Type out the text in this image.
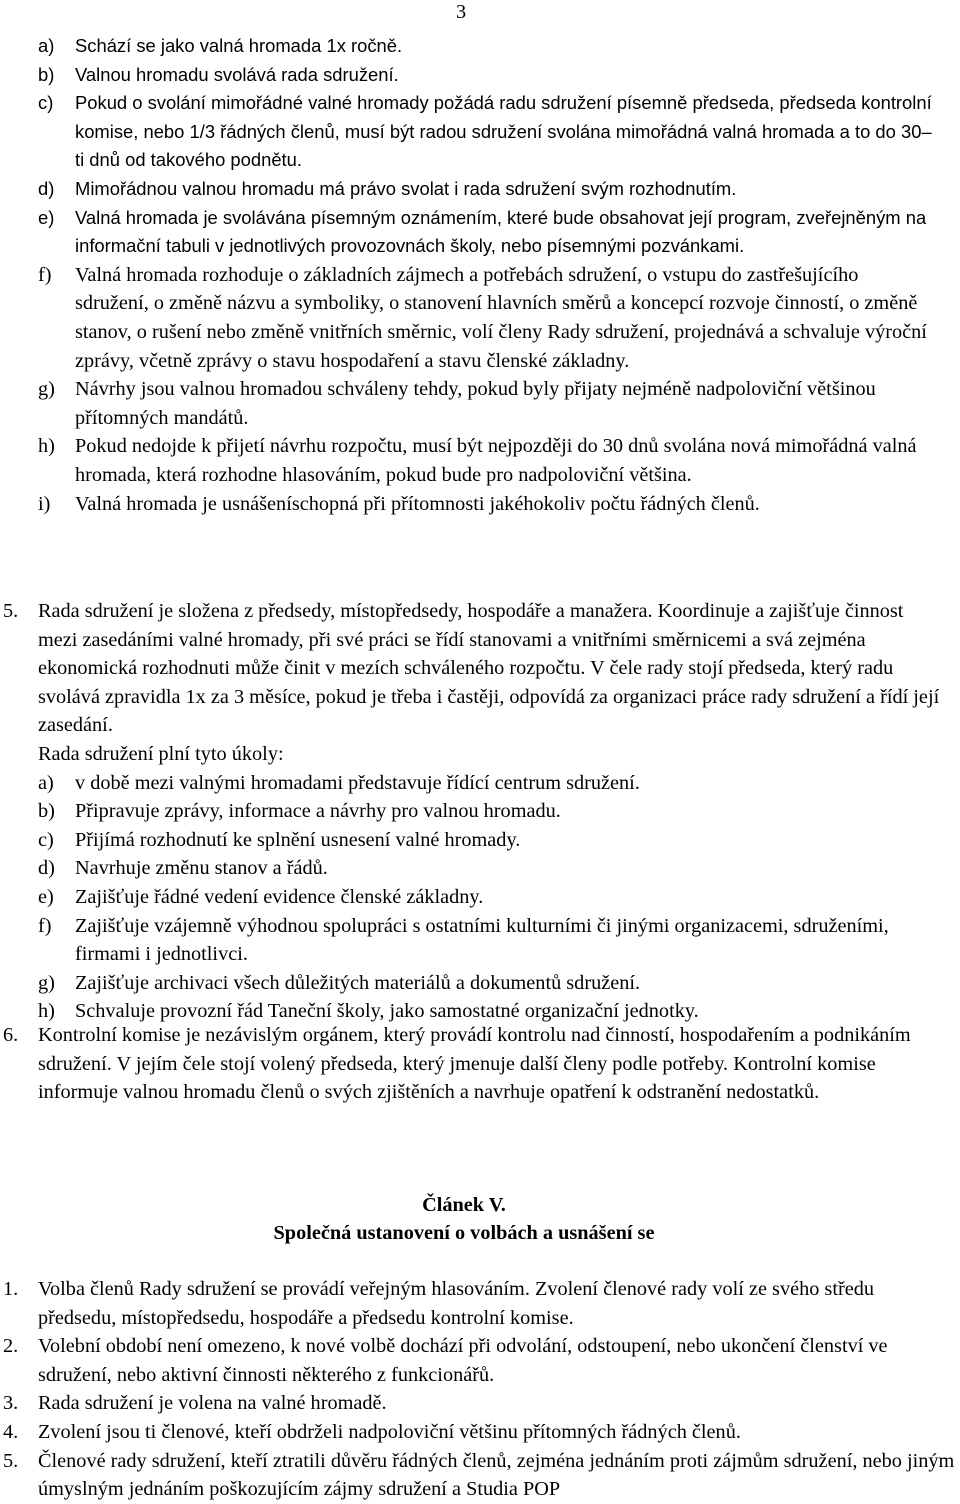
3
a)	Schází se jako valná hromada 1x ročně.
b)	Valnou hromadu svolává rada sdružení.
c)	Pokud o svolání mimořádné valné hromady požádá radu sdružení písemně předseda, předseda kontrolní komise, nebo 1/3 řádných členů, musí být radou sdružení svolána mimořádná valná hromada a to do 30–ti dnů od takového podnětu.
d)	Mimořádnou valnou hromadu má právo svolat i rada sdružení svým rozhodnutím.
e)	Valná hromada je svolávána písemným oznámením, které bude obsahovat její program, zveřejněným na informační tabuli v jednotlivých provozovnách školy, nebo písemnými pozvánkami.
f)	Valná hromada rozhoduje o základních zájmech a potřebách sdružení, o vstupu do zastřešujícího sdružení, o změně názvu a symboliky, o stanovení hlavních směrů a koncepcí rozvoje činností, o změně stanov, o rušení nebo změně vnitřních směrnic, volí členy Rady sdružení, projednává a schvaluje výroční zprávy, včetně zprávy o stavu hospodaření a stavu členské základny.
g) Návrhy jsou valnou hromadou schváleny tehdy, pokud byly přijaty nejméně nadpoloviční většinou přítomných mandátů.
h) Pokud nedojde k přijetí návrhu rozpočtu, musí být nejpozději do 30 dnů svolána nová mimořádná valná hromada, která rozhodne hlasováním, pokud bude pro nadpoloviční většina.
i)	Valná hromada je usnášeníschopná při přítomnosti jakéhokoliv počtu řádných členů.
5. Rada sdružení je složena z předsedy, místopředsedy, hospodáře a manažera. Koordinuje a zajišťuje činnost mezi zasedáními valné hromady, při své práci se řídí stanovami a vnitřními směrnicemi a svá zejména ekonomická rozhodnuti může činit v mezích schváleného rozpočtu. V čele rady stojí předseda, který radu svolává zpravidla 1x za 3 měsíce, pokud je třeba i častěji, odpovídá za organizaci práce rady sdružení a řídí její zasedání.
Rada sdružení plní tyto úkoly:
a)	v době mezi valnými hromadami představuje řídící centrum sdružení.
b) Připravuje zprávy, informace a návrhy pro valnou hromadu.
c)	Přijímá rozhodnutí ke splnění usnesení valné hromady.
d) Navrhuje změnu stanov a řádů.
e)	Zajišťuje řádné vedení evidence členské základny.
f)	Zajišťuje vzájemně výhodnou spolupráci s ostatními kulturními či jinými organizacemi, sdruženími, firmami i jednotlivci.
g) Zajišťuje archivaci všech důležitých materiálů a dokumentů sdružení.
h) Schvaluje provozní řád Taneční školy, jako samostatné organizační jednotky.
6. Kontrolní komise je nezávislým orgánem, který provádí kontrolu nad činností, hospodařením a podnikáním sdružení. V jejím čele stojí volený předseda, který jmenuje další členy podle potřeby. Kontrolní komise informuje valnou hromadu členů o svých zjištěních a navrhuje opatření k odstranění nedostatků.
Článek V.
Společná ustanovení o volbách a usnášení se
1. Volba členů Rady sdružení se provádí veřejným hlasováním. Zvolení členové rady volí ze svého středu předsedu, místopředsedu, hospodáře a předsedu kontrolní komise.
2. Volební období není omezeno, k nové volbě dochází při odvolání, odstoupení, nebo ukončení členství ve sdružení, nebo aktivní činnosti některého z funkcionářů.
3. Rada sdružení je volena na valné hromadě.
4. Zvolení jsou ti členové, kteří obdrželi nadpoloviční většinu přítomných řádných členů.
5. Členové rady sdružení, kteří ztratili důvěru řádných členů, zejména jednáním proti zájmům sdružení, nebo jiným úmyslným jednáním poškozujícím zájmy sdružení a Studia POP
